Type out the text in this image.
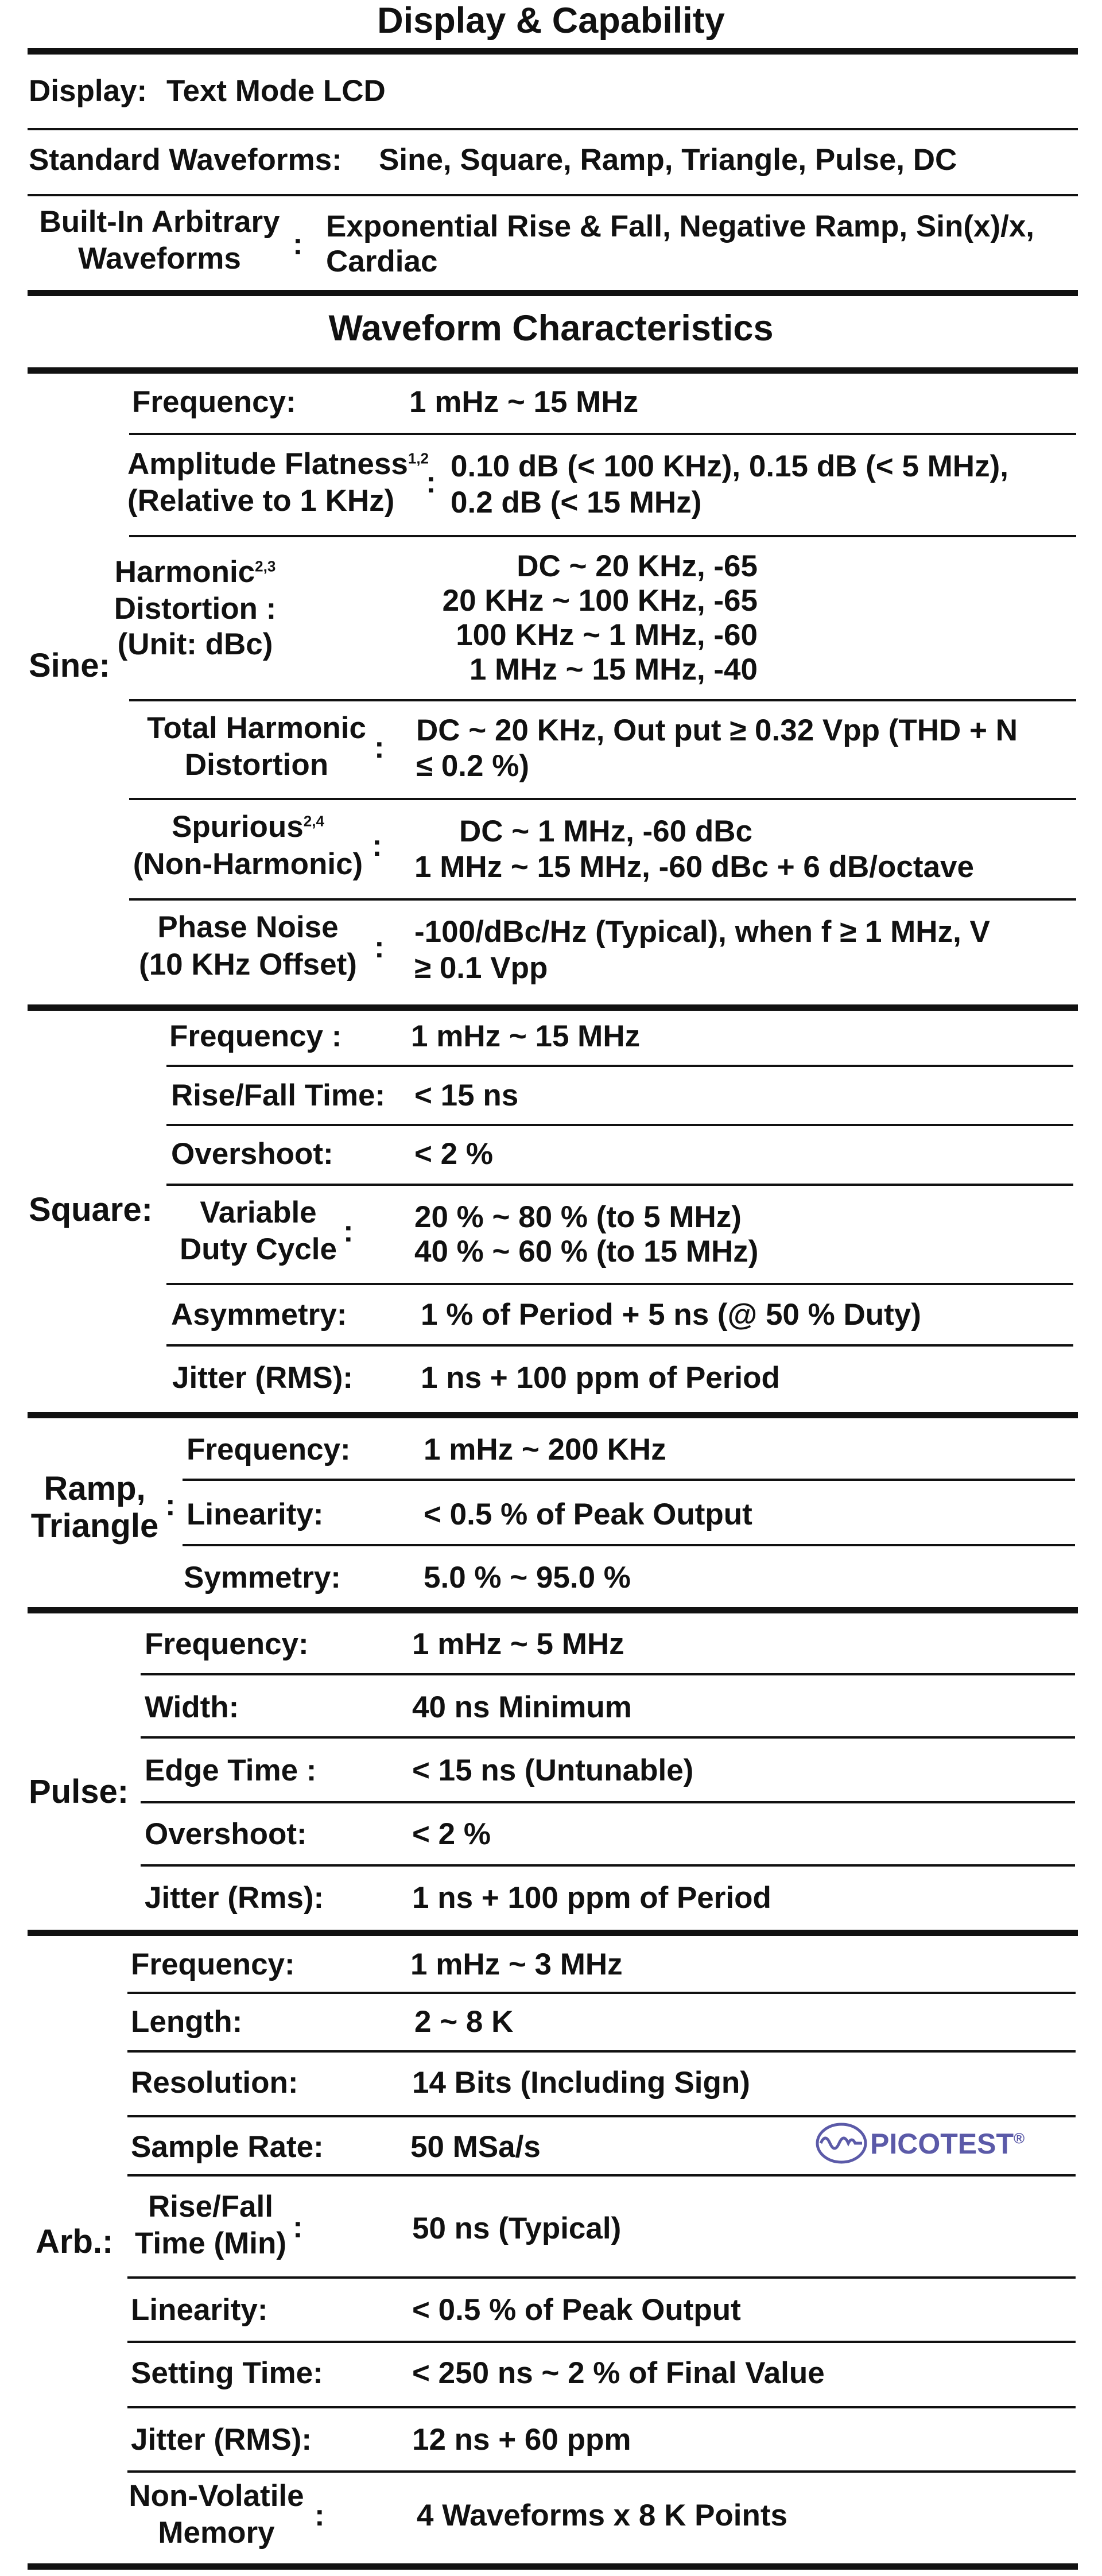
Display & Capability
Display: Text Mode LCD
Standard Waveforms: Sine, Square, Ramp, Triangle, Pulse, DC
Built-In Arbitrary
Waveforms	:
Exponential Rise & Fall, Negative Ramp, Sin(x)/x,
Cardiac
Waveform Characteristics
Sine:
Frequency:	1 mHz ~ 15 MHz
Amplitude Flatness$^{1,2}$
(Relative to 1 KHz)
: 0.10 dB (< 100 KHz), 0.15 dB (< 5 MHz),
0.2 dB (< 15 MHz)
Harmonic$^{2,3}$
Distortion :
(Unit: dBc)
DC ~ 20 KHz, -65
20 KHz ~ 100 KHz, -65
100 KHz ~ 1 MHz, -60
1 MHz ~ 15 MHz, -40
Total Harmonic
Distortion
:
DC ~ 20 KHz, Out put ≥ 0.32 Vpp (THD + N
≤ 0.2 %)
Spurious$^{2,4}$
(Non-Harmonic)
:	DC ~ 1 MHz, -60 dBc
1 MHz ~ 15 MHz, -60 dBc + 6 dB/octave
Phase Noise
(10 KHz Offset)
: -100/dBc/Hz (Typical), when f ≥ 1 MHz, V
≥ 0.1 Vpp
Square:
Frequency : 1 mHz ~ 15 MHz
Rise/Fall Time: < 15 ns
Overshoot:	< 2 %
Variable
Duty Cycle
: 20 % ~ 80 % (to 5 MHz)
40 % ~ 60 % (to 15 MHz)
Asymmetry: 1 % of Period + 5 ns (@ 50 % Duty)
Jitter (RMS): 1 ns + 100 ppm of Period
Ramp,
Triangle
:
Frequency: 1 mHz ~ 200 KHz
Linearity:	< 0.5 % of Peak Output
Symmetry:	5.0 % ~ 95.0 %
Pulse:
Frequency:	1 mHz ~ 5 MHz
Width:	40 ns Minimum
Edge Time :	< 15 ns (Untunable)
Overshoot:	< 2 %
Jitter (Rms):	1 ns + 100 ppm of Period
Arb.:
Frequency:	1 mHz ~ 3 MHz
Length:	2 ~ 8 K
Resolution:	14 Bits (Including Sign)
Sample Rate:	50 MSa/s	PICOTEST®
Rise/Fall
Time (Min) :	50 ns (Typical)
Linearity:	< 0.5 % of Peak Output
Setting Time:	< 250 ns ~ 2 % of Final Value
Jitter (RMS):	12 ns + 60 ppm
Non-Volatile
Memory
:	4 Waveforms x 8 K Points
